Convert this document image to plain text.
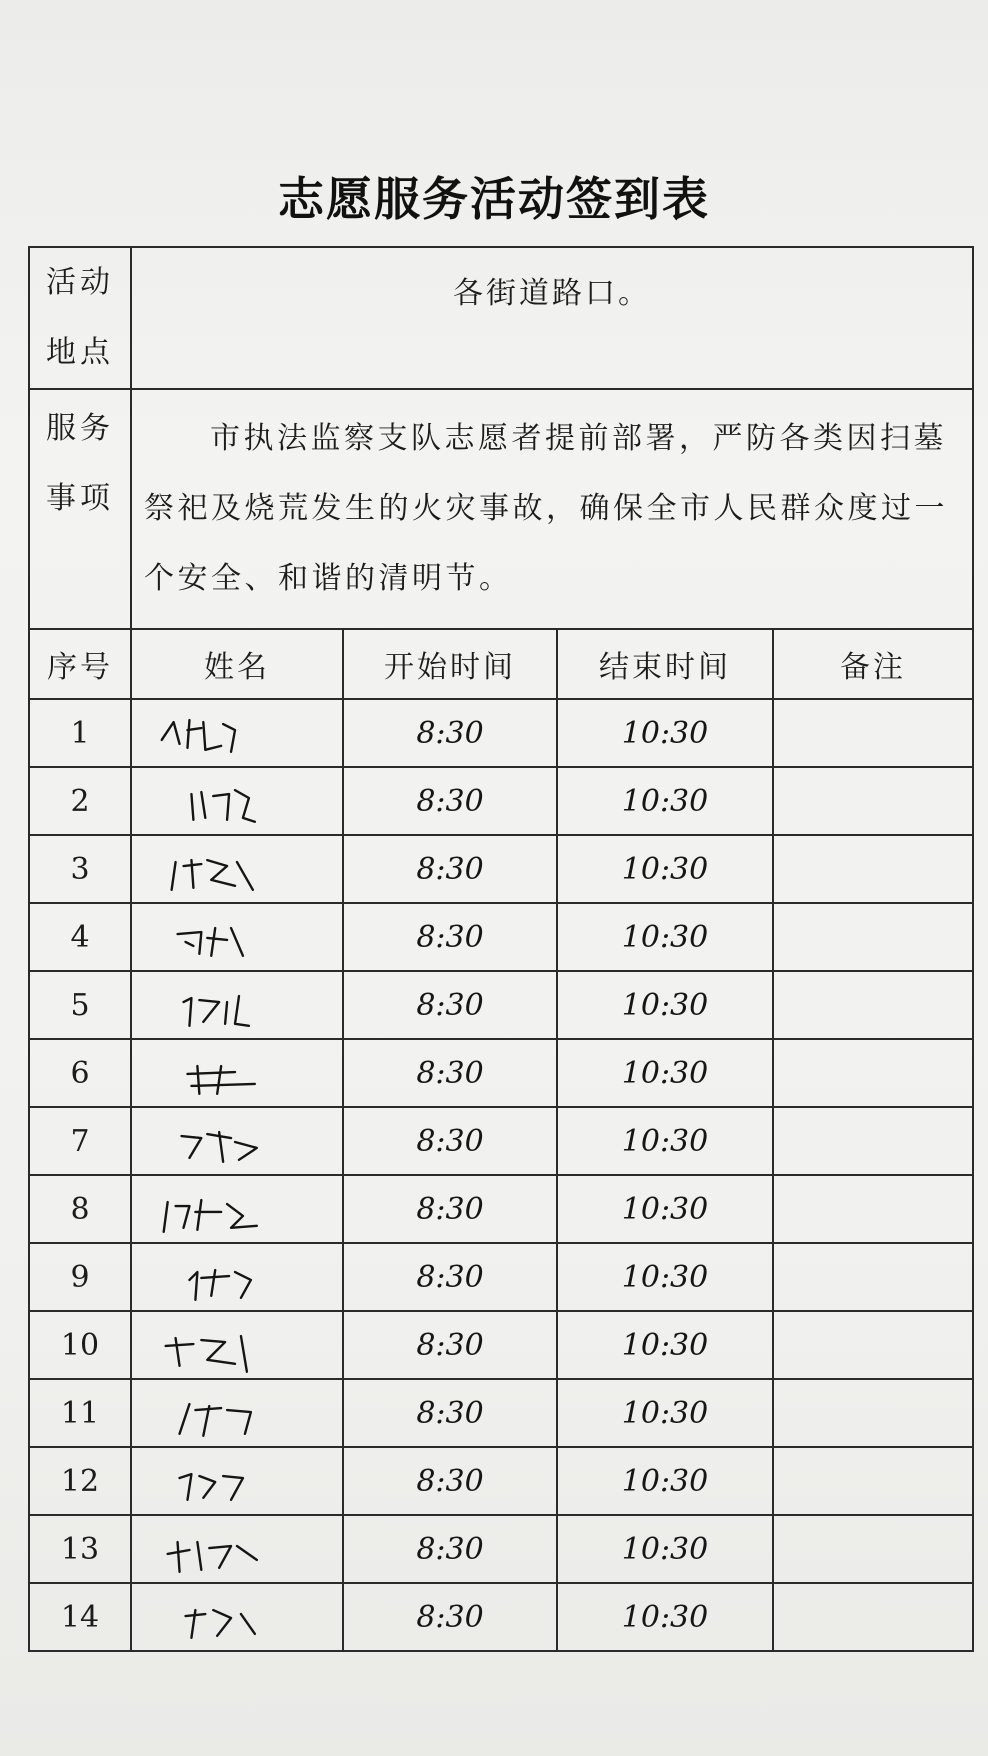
志愿服务活动签到表
活动
地点	各街道路口。			

服务
事项	市执法监察支队志愿者提前部署，严防各类因扫墓祭祀及烧荒发生的火灾事故，确保全市人民群众度过一个安全、和谐的清明节。			
序号	姓名	开始时间	结束时间	备注
1		8:30	10:30	
2		8:30	10:30	
3		8:30	10:30	
4		8:30	10:30	
5		8:30	10:30	
6		8:30	10:30	
7		8:30	10:30	
8		8:30	10:30	
9		8:30	10:30	
10		8:30	10:30	
11		8:30	10:30	
12		8:30	10:30	
13		8:30	10:30	
14		8:30	10:30	
